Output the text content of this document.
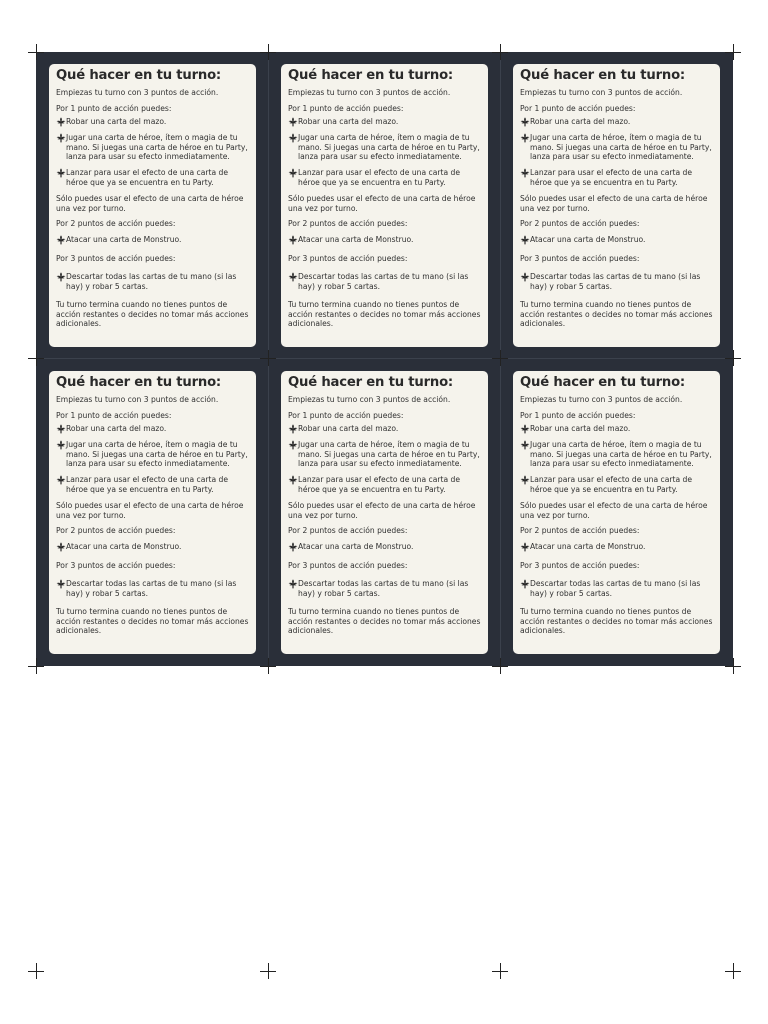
Qué hacer en tu turno:

Empiezas tu turno con 3 puntos de acción.

Por 1 punto de acción puedes:

Robar una carta del mazo.
Jugar una carta de héroe, ítem o magia de tu mano. Si juegas una carta de héroe en tu Party, lanza para usar su efecto inmediatamente.
Lanzar para usar el efecto de una carta de héroe que ya se encuentra en tu Party.

Sólo puedes usar el efecto de una carta de héroe una vez por turno.

Por 2 puntos de acción puedes:

Atacar una carta de Monstruo.

Por 3 puntos de acción puedes:

Descartar todas las cartas de tu mano (si las hay) y robar 5 cartas.

Tu turno termina cuando no tienes puntos de acción restantes o decides no tomar más acciones adicionales.

Qué hacer en tu turno:

Empiezas tu turno con 3 puntos de acción.

Por 1 punto de acción puedes:

Robar una carta del mazo.
Jugar una carta de héroe, ítem o magia de tu mano. Si juegas una carta de héroe en tu Party, lanza para usar su efecto inmediatamente.
Lanzar para usar el efecto de una carta de héroe que ya se encuentra en tu Party.

Sólo puedes usar el efecto de una carta de héroe una vez por turno.

Por 2 puntos de acción puedes:

Atacar una carta de Monstruo.

Por 3 puntos de acción puedes:

Descartar todas las cartas de tu mano (si las hay) y robar 5 cartas.

Tu turno termina cuando no tienes puntos de acción restantes o decides no tomar más acciones adicionales.

Qué hacer en tu turno:

Empiezas tu turno con 3 puntos de acción.

Por 1 punto de acción puedes:

Robar una carta del mazo.
Jugar una carta de héroe, ítem o magia de tu mano. Si juegas una carta de héroe en tu Party, lanza para usar su efecto inmediatamente.
Lanzar para usar el efecto de una carta de héroe que ya se encuentra en tu Party.

Sólo puedes usar el efecto de una carta de héroe una vez por turno.

Por 2 puntos de acción puedes:

Atacar una carta de Monstruo.

Por 3 puntos de acción puedes:

Descartar todas las cartas de tu mano (si las hay) y robar 5 cartas.

Tu turno termina cuando no tienes puntos de acción restantes o decides no tomar más acciones adicionales.

Qué hacer en tu turno:

Empiezas tu turno con 3 puntos de acción.

Por 1 punto de acción puedes:

Robar una carta del mazo.
Jugar una carta de héroe, ítem o magia de tu mano. Si juegas una carta de héroe en tu Party, lanza para usar su efecto inmediatamente.
Lanzar para usar el efecto de una carta de héroe que ya se encuentra en tu Party.

Sólo puedes usar el efecto de una carta de héroe una vez por turno.

Por 2 puntos de acción puedes:

Atacar una carta de Monstruo.

Por 3 puntos de acción puedes:

Descartar todas las cartas de tu mano (si las hay) y robar 5 cartas.

Tu turno termina cuando no tienes puntos de acción restantes o decides no tomar más acciones adicionales.

Qué hacer en tu turno:

Empiezas tu turno con 3 puntos de acción.

Por 1 punto de acción puedes:

Robar una carta del mazo.
Jugar una carta de héroe, ítem o magia de tu mano. Si juegas una carta de héroe en tu Party, lanza para usar su efecto inmediatamente.
Lanzar para usar el efecto de una carta de héroe que ya se encuentra en tu Party.

Sólo puedes usar el efecto de una carta de héroe una vez por turno.

Por 2 puntos de acción puedes:

Atacar una carta de Monstruo.

Por 3 puntos de acción puedes:

Descartar todas las cartas de tu mano (si las hay) y robar 5 cartas.

Tu turno termina cuando no tienes puntos de acción restantes o decides no tomar más acciones adicionales.

Qué hacer en tu turno:

Empiezas tu turno con 3 puntos de acción.

Por 1 punto de acción puedes:

Robar una carta del mazo.
Jugar una carta de héroe, ítem o magia de tu mano. Si juegas una carta de héroe en tu Party, lanza para usar su efecto inmediatamente.
Lanzar para usar el efecto de una carta de héroe que ya se encuentra en tu Party.

Sólo puedes usar el efecto de una carta de héroe una vez por turno.

Por 2 puntos de acción puedes:

Atacar una carta de Monstruo.

Por 3 puntos de acción puedes:

Descartar todas las cartas de tu mano (si las hay) y robar 5 cartas.

Tu turno termina cuando no tienes puntos de acción restantes o decides no tomar más acciones adicionales.
